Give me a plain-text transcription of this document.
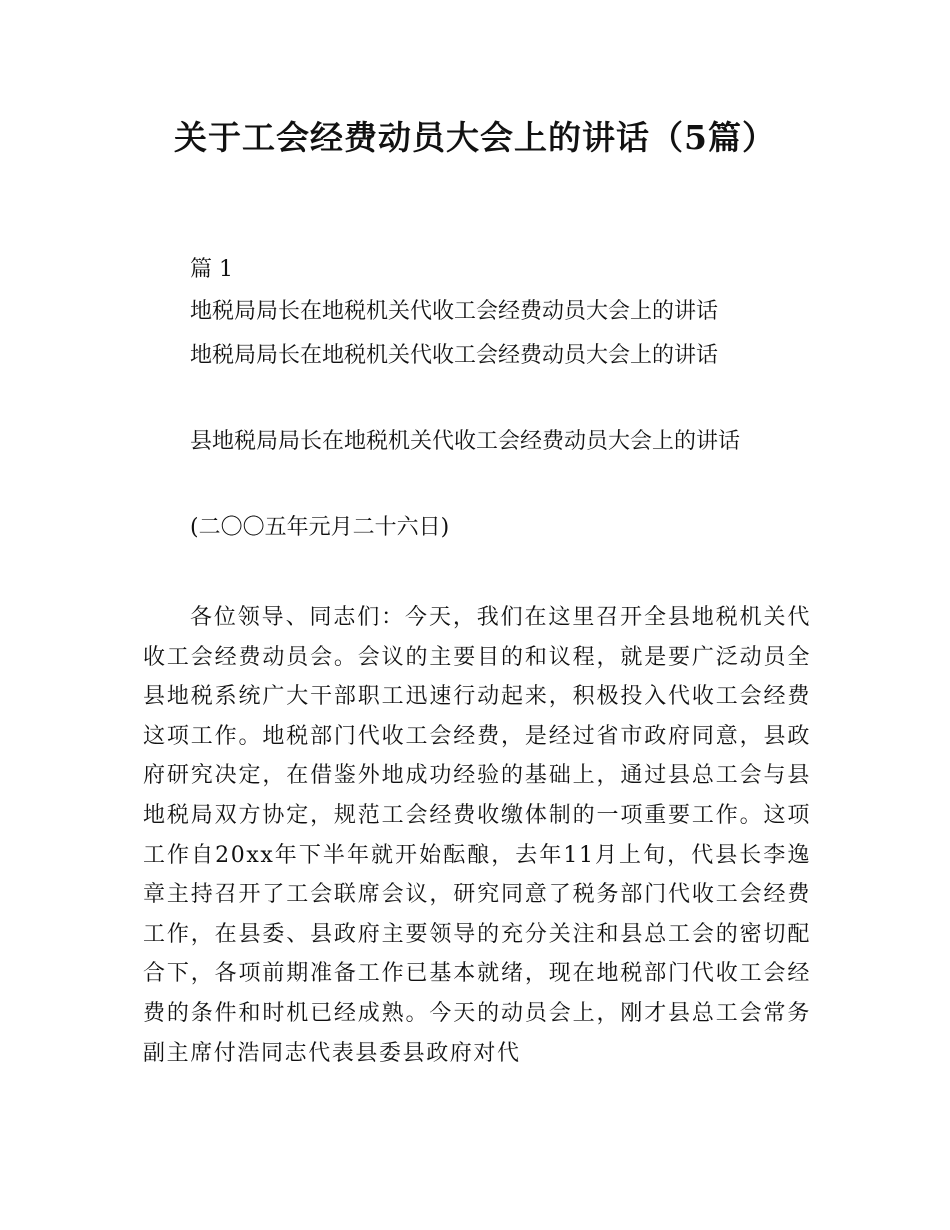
关于工会经费动员大会上的讲话（5篇）

篇 1

地税局局长在地税机关代收工会经费动员大会上的讲话

地税局局长在地税机关代收工会经费动员大会上的讲话

县地税局局长在地税机关代收工会经费动员大会上的讲话

(二〇〇五年元月二十六日)

各位领导、同志们：今天，我们在这里召开全县地税机关代收工会经费动员会。会议的主要目的和议程，就是要广泛动员全县地税系统广大干部职工迅速行动起来，积极投入代收工会经费这项工作。地税部门代收工会经费，是经过省市政府同意，县政府研究决定，在借鉴外地成功经验的基础上，通过县总工会与县地税局双方协定，规范工会经费收缴体制的一项重要工作。这项工作自20xx年下半年就开始酝酿，去年11月上旬，代县长李逸章主持召开了工会联席会议，研究同意了税务部门代收工会经费工作，在县委、县政府主要领导的充分关注和县总工会的密切配合下，各项前期准备工作已基本就绪，现在地税部门代收工会经费的条件和时机已经成熟。今天的动员会上，刚才县总工会常务副主席付浩同志代表县委县政府对代
